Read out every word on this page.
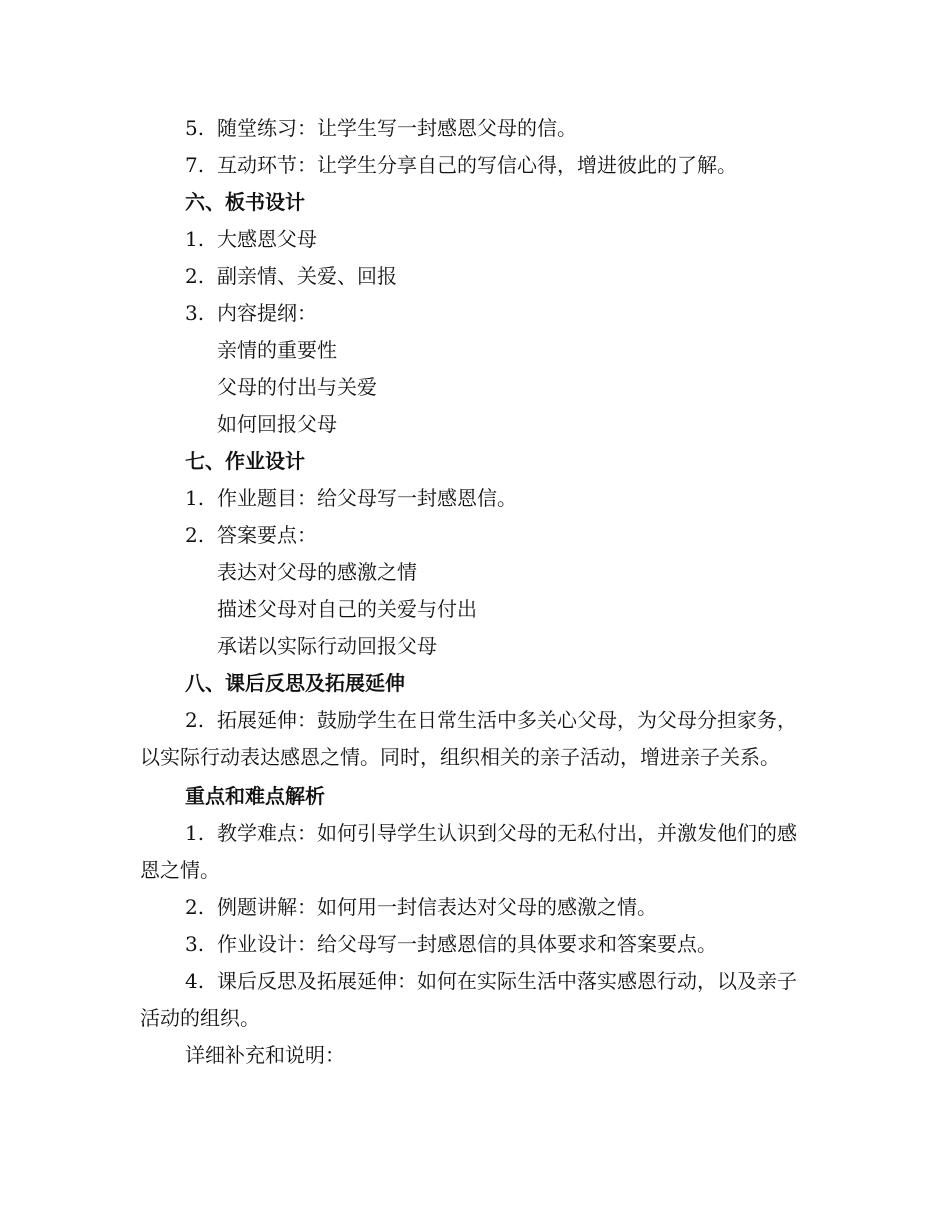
5. 随堂练习：让学生写一封感恩父母的信。
7. 互动环节：让学生分享自己的写信心得，增进彼此的了解。
六、板书设计
1. 大感恩父母
2. 副亲情、关爱、回报
3. 内容提纲：
亲情的重要性
父母的付出与关爱
如何回报父母
七、作业设计
1. 作业题目：给父母写一封感恩信。
2. 答案要点：
表达对父母的感激之情
描述父母对自己的关爱与付出
承诺以实际行动回报父母
八、课后反思及拓展延伸
2. 拓展延伸：鼓励学生在日常生活中多关心父母，为父母分担家务，以实际行动表达感恩之情。同时，组织相关的亲子活动，增进亲子关系。
重点和难点解析
1. 教学难点：如何引导学生认识到父母的无私付出，并激发他们的感恩之情。
2. 例题讲解：如何用一封信表达对父母的感激之情。
3. 作业设计：给父母写一封感恩信的具体要求和答案要点。
4. 课后反思及拓展延伸：如何在实际生活中落实感恩行动，以及亲子活动的组织。
详细补充和说明：
